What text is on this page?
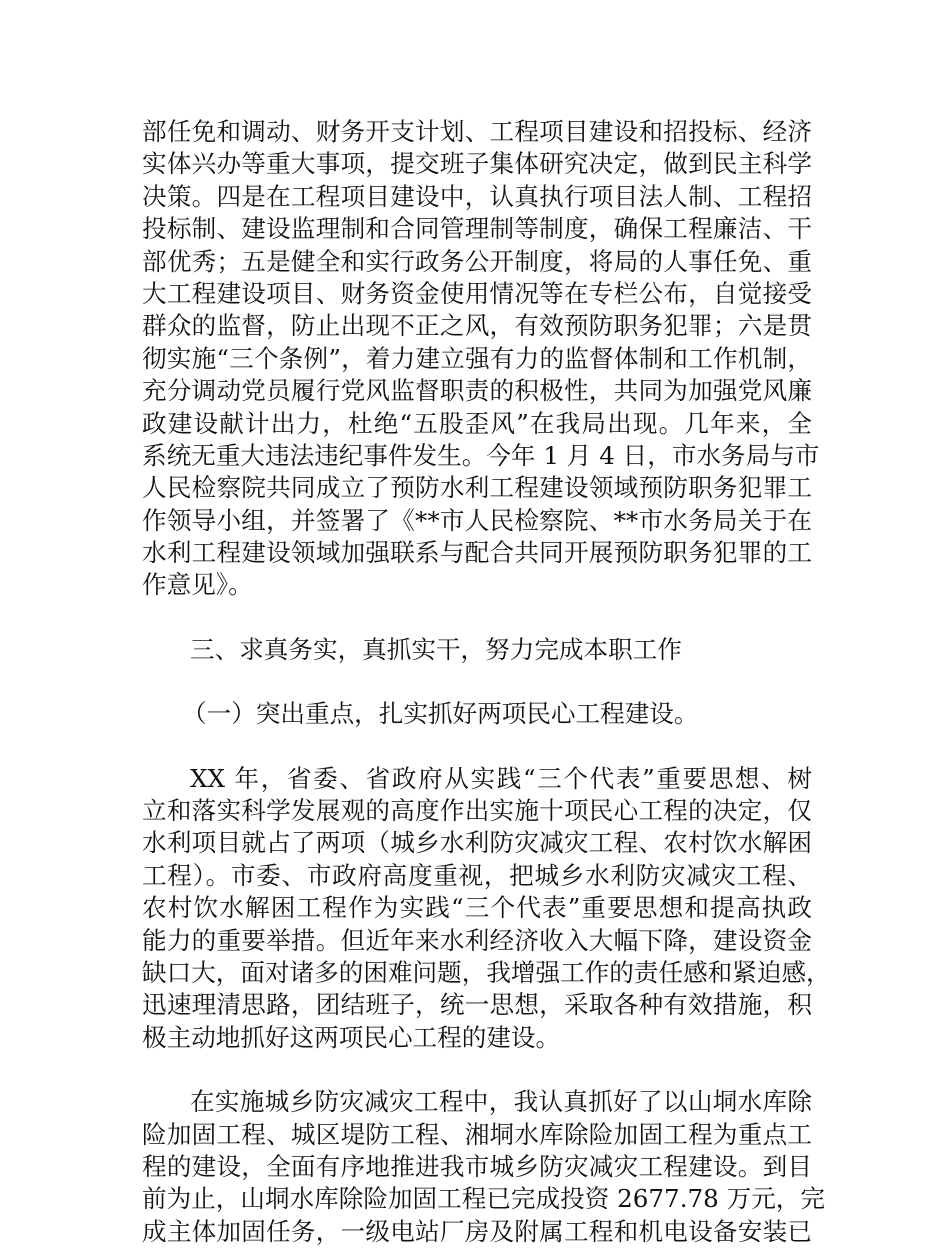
部任免和调动、财务开支计划、工程项目建设和招投标、经济
实体兴办等重大事项，提交班子集体研究决定，做到民主科学
决策。四是在工程项目建设中，认真执行项目法人制、工程招
投标制、建设监理制和合同管理制等制度，确保工程廉洁、干
部优秀；五是健全和实行政务公开制度，将局的人事任免、重
大工程建设项目、财务资金使用情况等在专栏公布，自觉接受
群众的监督，防止出现不正之风，有效预防职务犯罪；六是贯
彻实施“三个条例”，着力建立强有力的监督体制和工作机制，
充分调动党员履行党风监督职责的积极性，共同为加强党风廉
政建设献计出力，杜绝“五股歪风”在我局出现。几年来，全
系统无重大违法违纪事件发生。今年 1 月 4 日，市水务局与市
人民检察院共同成立了预防水利工程建设领域预防职务犯罪工
作领导小组，并签署了《**市人民检察院、**市水务局关于在
水利工程建设领域加强联系与配合共同开展预防职务犯罪的工
作意见》。
三、求真务实，真抓实干，努力完成本职工作
（一）突出重点，扎实抓好两项民心工程建设。
XX 年，省委、省政府从实践“三个代表”重要思想、树
立和落实科学发展观的高度作出实施十项民心工程的决定，仅
水利项目就占了两项（城乡水利防灾减灾工程、农村饮水解困
工程）。市委、市政府高度重视，把城乡水利防灾减灾工程、
农村饮水解困工程作为实践“三个代表”重要思想和提高执政
能力的重要举措。但近年来水利经济收入大幅下降，建设资金
缺口大，面对诸多的困难问题，我增强工作的责任感和紧迫感，
迅速理清思路，团结班子，统一思想，采取各种有效措施，积
极主动地抓好这两项民心工程的建设。
在实施城乡防灾减灾工程中，我认真抓好了以山垌水库除
险加固工程、城区堤防工程、湘垌水库除险加固工程为重点工
程的建设，全面有序地推进我市城乡防灾减灾工程建设。到目
前为止，山垌水库除险加固工程已完成投资 2677.78 万元，完
成主体加固任务，一级电站厂房及附属工程和机电设备安装已
